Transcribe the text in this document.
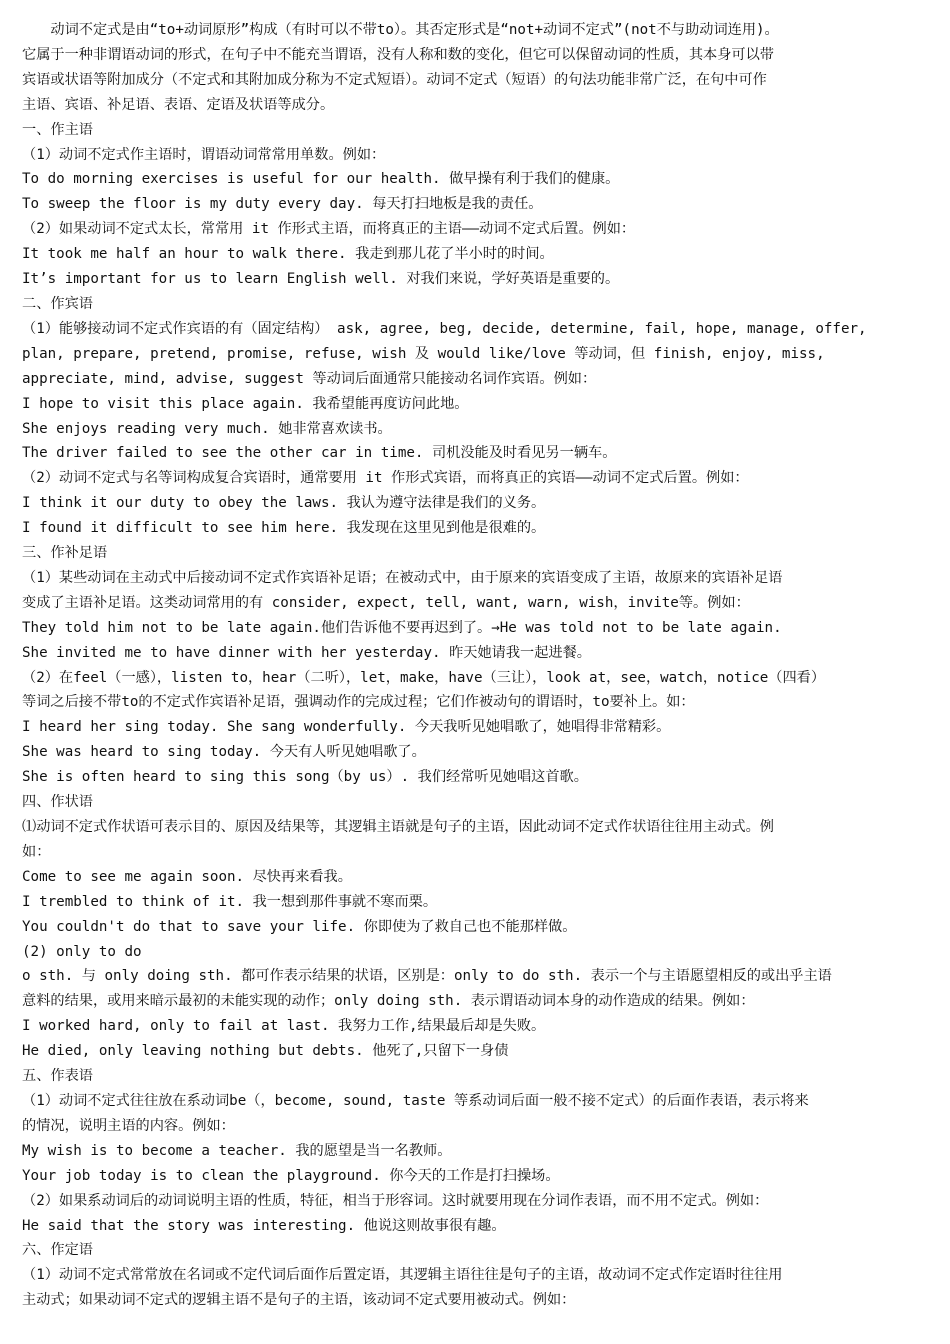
动词不定式是由“to+动词原形”构成（有时可以不带to）。其否定形式是“not+动词不定式”(not不与助动词连用)。
它属于一种非谓语动词的形式，在句子中不能充当谓语，没有人称和数的变化，但它可以保留动词的性质，其本身可以带
宾语或状语等附加成分（不定式和其附加成分称为不定式短语）。动词不定式（短语）的句法功能非常广泛，在句中可作
主语、宾语、补足语、表语、定语及状语等成分。
一、作主语
（1）动词不定式作主语时，谓语动词常常用单数。例如：
To do morning exercises is useful for our health. 做早操有利于我们的健康。
To sweep the floor is my duty every day. 每天打扫地板是我的责任。
（2）如果动词不定式太长，常常用 it 作形式主语，而将真正的主语——动词不定式后置。例如：
It took me half an hour to walk there. 我走到那儿花了半小时的时间。
It’s important for us to learn English well. 对我们来说，学好英语是重要的。
二、作宾语
（1）能够接动词不定式作宾语的有（固定结构） ask, agree, beg, decide, determine, fail, hope, manage, offer,
plan, prepare, pretend, promise, refuse, wish 及 would like/love 等动词，但 finish, enjoy, miss,
appreciate, mind, advise, suggest 等动词后面通常只能接动名词作宾语。例如：
I hope to visit this place again. 我希望能再度访问此地。
She enjoys reading very much. 她非常喜欢读书。
The driver failed to see the other car in time. 司机没能及时看见另一辆车。
（2）动词不定式与名等词构成复合宾语时，通常要用 it 作形式宾语，而将真正的宾语——动词不定式后置。例如：
I think it our duty to obey the laws. 我认为遵守法律是我们的义务。
I found it difficult to see him here. 我发现在这里见到他是很难的。
三、作补足语
（1）某些动词在主动式中后接动词不定式作宾语补足语；在被动式中，由于原来的宾语变成了主语，故原来的宾语补足语
变成了主语补足语。这类动词常用的有 consider, expect, tell, want, warn, wish，invite等。例如：
They told him not to be late again.他们告诉他不要再迟到了。→He was told not to be late again.
She invited me to have dinner with her yesterday. 昨天她请我一起进餐。
（2）在feel（一感），listen to，hear（二听），let，make，have（三让），look at，see，watch，notice（四看）
等词之后接不带to的不定式作宾语补足语，强调动作的完成过程；它们作被动句的谓语时，to要补上。如：
I heard her sing today. She sang wonderfully. 今天我听见她唱歌了，她唱得非常精彩。
She was heard to sing today. 今天有人听见她唱歌了。
She is often heard to sing this song（by us）. 我们经常听见她唱这首歌。
四、作状语
⑴动词不定式作状语可表示目的、原因及结果等，其逻辑主语就是句子的主语，因此动词不定式作状语往往用主动式。例
如：
Come to see me again soon. 尽快再来看我。
I trembled to think of it. 我一想到那件事就不寒而栗。
You couldn't do that to save your life. 你即使为了救自己也不能那样做。
(2) only to do
o sth. 与 only doing sth. 都可作表示结果的状语，区别是：only to do sth. 表示一个与主语愿望相反的或出乎主语
意料的结果，或用来暗示最初的未能实现的动作；only doing sth. 表示谓语动词本身的动作造成的结果。例如：
I worked hard, only to fail at last. 我努力工作,结果最后却是失败。
He died, only leaving nothing but debts. 他死了,只留下一身债
五、作表语
（1）动词不定式往往放在系动词be（，become, sound, taste 等系动词后面一般不接不定式）的后面作表语，表示将来
的情况，说明主语的内容。例如：
My wish is to become a teacher. 我的愿望是当一名教师。
Your job today is to clean the playground. 你今天的工作是打扫操场。
（2）如果系动词后的动词说明主语的性质，特征，相当于形容词。这时就要用现在分词作表语，而不用不定式。例如：
He said that the story was interesting. 他说这则故事很有趣。
六、作定语
（1）动词不定式常常放在名词或不定代词后面作后置定语，其逻辑主语往往是句子的主语，故动词不定式作定语时往往用
主动式；如果动词不定式的逻辑主语不是句子的主语，该动词不定式要用被动式。例如：
